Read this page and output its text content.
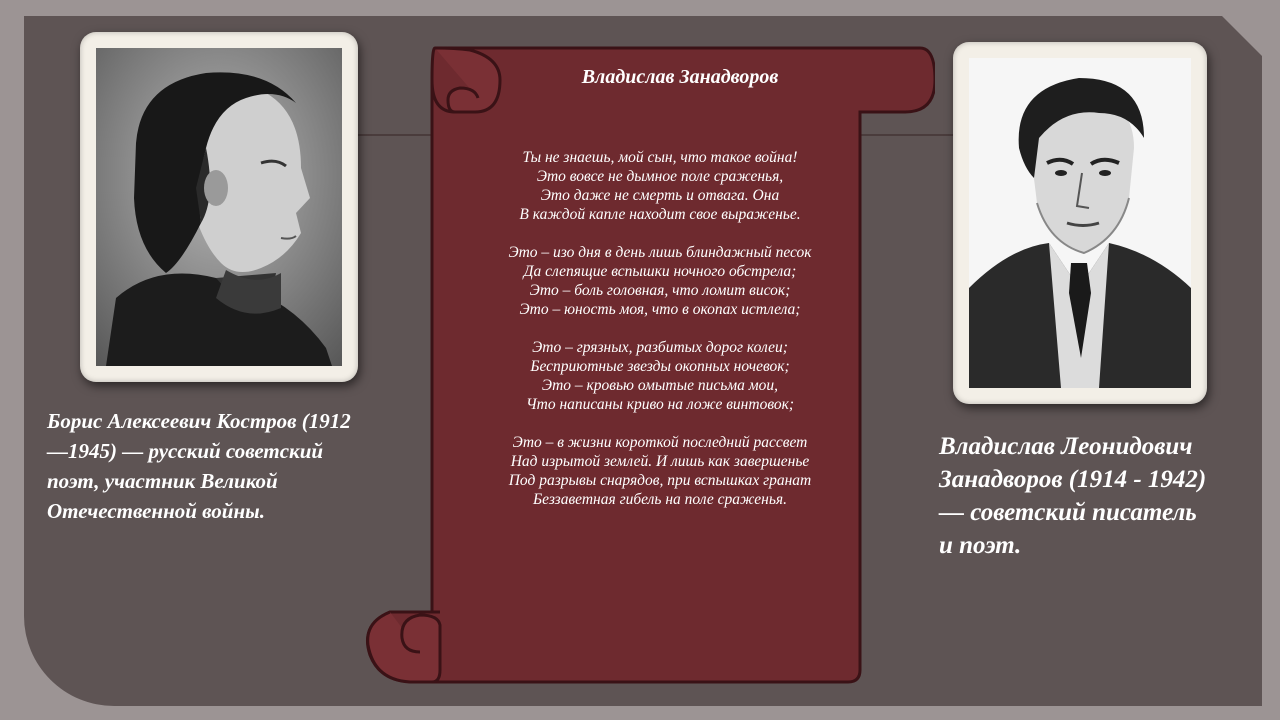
Борис Алексеевич Костров (1912 —1945) — русский советский поэт, участник Великой Отечественной войны.
Владислав Леонидович Занадворов (1914 - 1942) — советский писатель и поэт.
Владислав Занадворов
Ты не знаешь, мой сын, что такое война!
Это вовсе не дымное поле сраженья,
Это даже не смерть и отвага. Она
В каждой капле находит свое выраженье.
Это – изо дня в день лишь блиндажный песок
Да слепящие вспышки ночного обстрела;
Это – боль головная, что ломит висок;
Это – юность моя, что в окопах истлела;
Это – грязных, разбитых дорог колеи;
Бесприютные звезды окопных ночевок;
Это – кровью омытые письма мои,
Что написаны криво на ложе винтовок;
Это – в жизни короткой последний рассвет
Над изрытой землей. И лишь как завершенье
Под разрывы снарядов, при вспышках гранат
Беззаветная гибель на поле сраженья.
